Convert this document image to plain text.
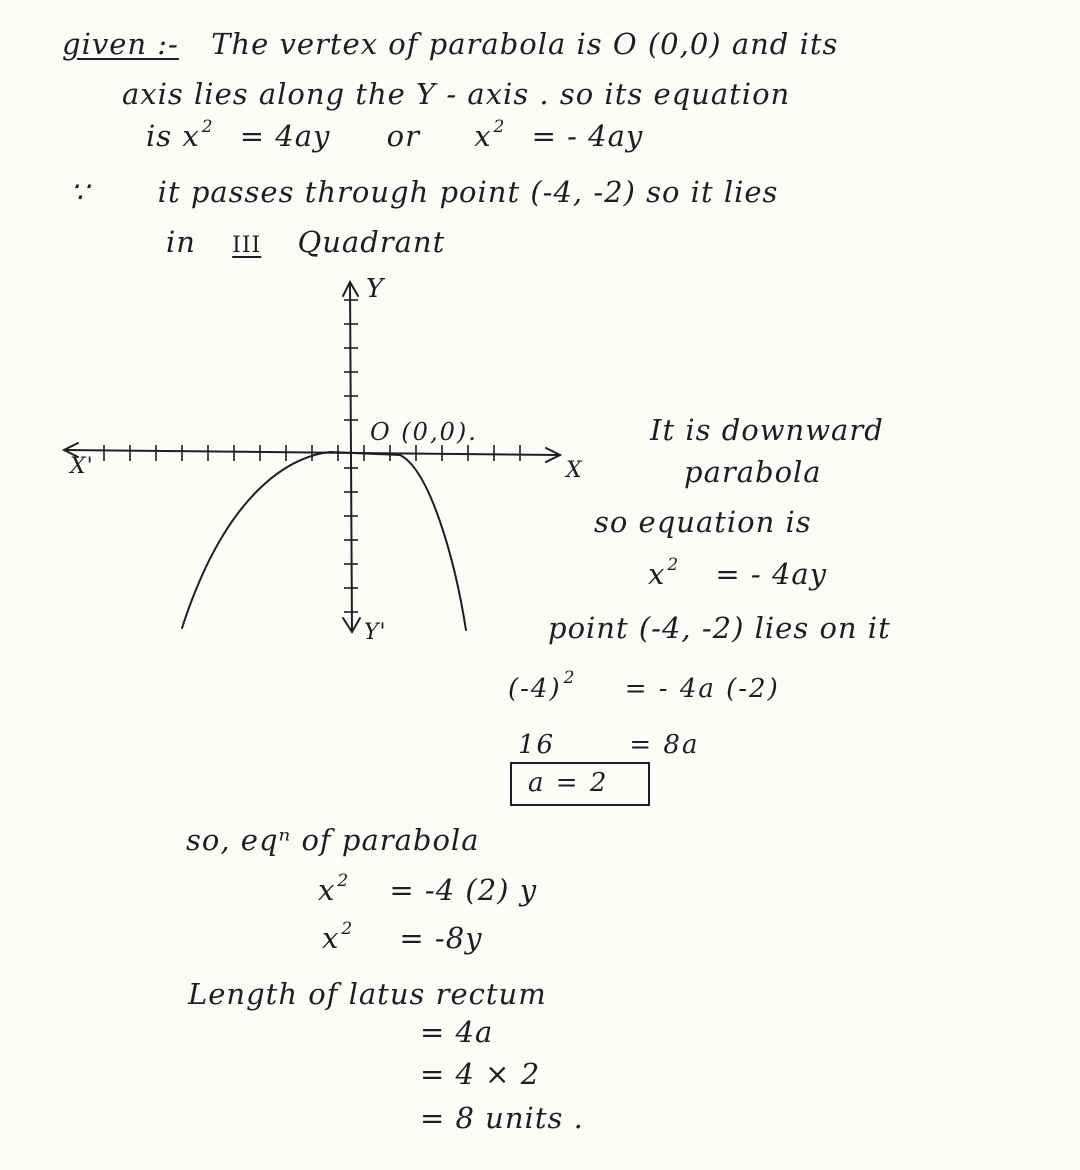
given :- The vertex of parabola is O (0,0) and its
axis lies along the Y - axis . so its equation
is x $^2$ = 4ay or x $^2$ = - 4ay
∵ it passes through point (-4, -2) so it lies
in III Quadrant
Y
Y'
X
X'
O (0,0).	It is downward
parabola
so equation is
x $^2$ = - 4ay
point (-4, -2) lies on it
(-4) $^2$ = - 4a (-2)
16	= 8a
a = 2
so, eqⁿ of parabola
x $^2$ = -4 (2) y
x $^2$ = -8y
Length of latus rectum
= 4a
= 4 × 2
= 8 units .
